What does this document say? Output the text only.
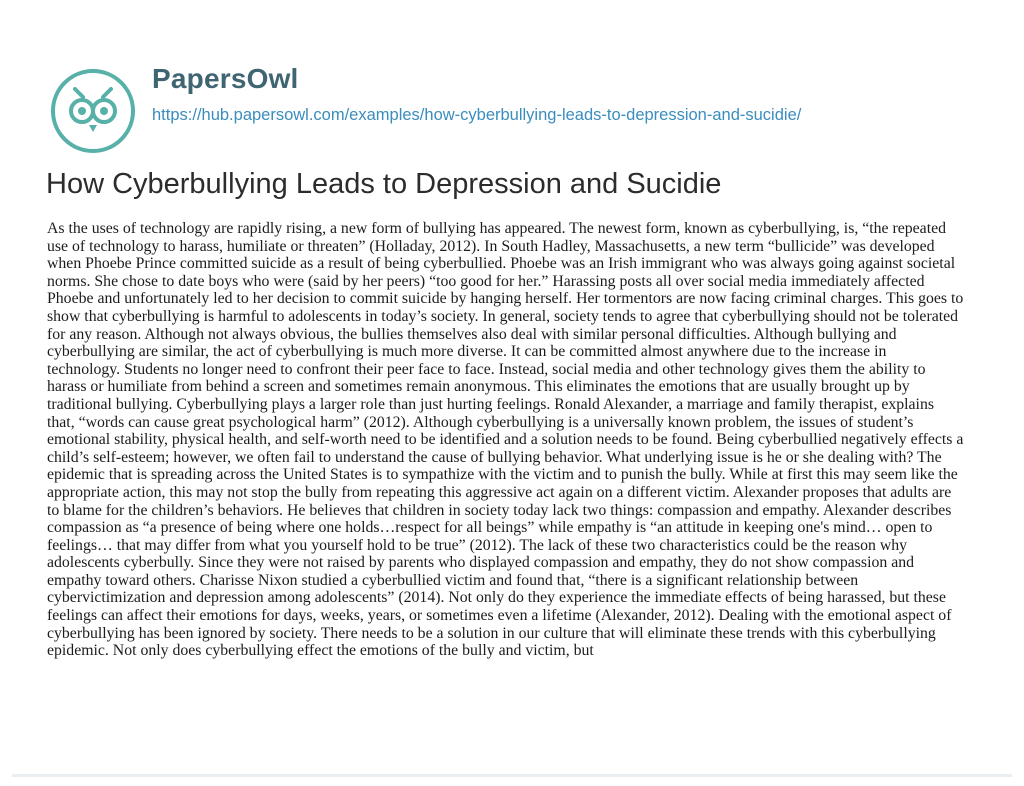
PapersOwl
https://hub.papersowl.com/examples/how-cyberbullying-leads-to-depression-and-sucidie/
How Cyberbullying Leads to Depression and Sucidie
As the uses of technology are rapidly rising, a new form of bullying has appeared. The newest form, known as cyberbullying, is, “the repeated
use of technology to harass, humiliate or threaten” (Holladay, 2012). In South Hadley, Massachusetts, a new term “bullicide” was developed
when Phoebe Prince committed suicide as a result of being cyberbullied. Phoebe was an Irish immigrant who was always going against societal
norms. She chose to date boys who were (said by her peers) “too good for her.” Harassing posts all over social media immediately affected
Phoebe and unfortunately led to her decision to commit suicide by hanging herself. Her tormentors are now facing criminal charges. This goes to
show that cyberbullying is harmful to adolescents in today’s society. In general, society tends to agree that cyberbullying should not be tolerated
for any reason. Although not always obvious, the bullies themselves also deal with similar personal difficulties. Although bullying and
cyberbullying are similar, the act of cyberbullying is much more diverse. It can be committed almost anywhere due to the increase in
technology. Students no longer need to confront their peer face to face. Instead, social media and other technology gives them the ability to
harass or humiliate from behind a screen and sometimes remain anonymous. This eliminates the emotions that are usually brought up by
traditional bullying. Cyberbullying plays a larger role than just hurting feelings. Ronald Alexander, a marriage and family therapist, explains
that, “words can cause great psychological harm” (2012). Although cyberbullying is a universally known problem, the issues of student’s
emotional stability, physical health, and self-worth need to be identified and a solution needs to be found. Being cyberbullied negatively effects a
child’s self-esteem; however, we often fail to understand the cause of bullying behavior. What underlying issue is he or she dealing with? The
epidemic that is spreading across the United States is to sympathize with the victim and to punish the bully. While at first this may seem like the
appropriate action, this may not stop the bully from repeating this aggressive act again on a different victim. Alexander proposes that adults are
to blame for the children’s behaviors. He believes that children in society today lack two things: compassion and empathy. Alexander describes
compassion as “a presence of being where one holds…respect for all beings” while empathy is “an attitude in keeping one's mind… open to
feelings… that may differ from what you yourself hold to be true” (2012). The lack of these two characteristics could be the reason why
adolescents cyberbully. Since they were not raised by parents who displayed compassion and empathy, they do not show compassion and
empathy toward others. Charisse Nixon studied a cyberbullied victim and found that, “there is a significant relationship between
cybervictimization and depression among adolescents” (2014). Not only do they experience the immediate effects of being harassed, but these
feelings can affect their emotions for days, weeks, years, or sometimes even a lifetime (Alexander, 2012). Dealing with the emotional aspect of
cyberbullying has been ignored by society. There needs to be a solution in our culture that will eliminate these trends with this cyberbullying
epidemic. Not only does cyberbullying effect the emotions of the bully and victim, but
